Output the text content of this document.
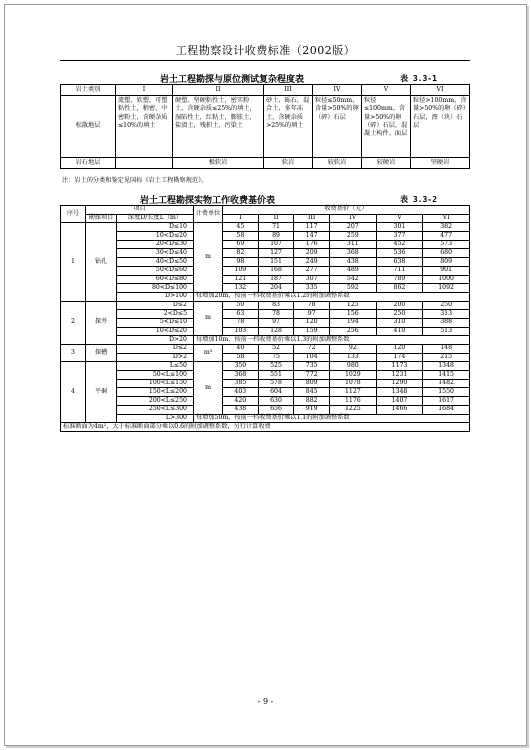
工程勘察设计收费标准（2002版）
岩土工程勘探与原位测试复杂程度表	表 3.3-1
岩土类别	I	II	III	IV	V	VI
松散地层	流塑、软塑、可塑粘性土，稍密、中密粉土，含硬杂质≤10%的填土	硬塑、坚硬粘性土，密实粉土，含硬杂质≤25%的填土，湿陷性土，红粘土，膨胀土，盐渍土，残积土，污染土	砂土，砾石，混合土，多年冻土，含硬杂质>25%的填土	粒径≤50mm、含量>50%的卵（碎）石层	粒径≤100mm、含量>50%的卵（碎）石层，混凝土构件、面层	粒径>100mm、含量>50%的卵（碎）石层，漂（块）石层
岩石地层		极软岩	软岩	较软岩	较硬岩	坚硬岩
注：岩土的分类和鉴定见国标《岩土工程勘察规范》。
岩土工程勘探实物工作收费基价表	表 3.3-2
序号	项目		计费单位	收费基价（元）					
	勘探项目	深度D/长度L（m）							
				I	II	III	IV	V	VI
1	钻孔	D≤10	m	45	71	117	207	301	382
		10<D≤20		58	89	147	259	377	477
		20<D≤30		69	107	176	311	452	573
		30<D≤40		82	127	209	368	536	680
		40<D≤50		98	151	249	438	638	809
		50<D≤60		109	168	277	489	711	901
		60<D≤80		121	187	307	542	789	1000
		80<D≤100		132	204	335	592	862	1092
		D>100	每增加20m，按前一档收费基价乘以1.2的附加调整系数						
2	探井	D≤2	m	50	83	78	125	200	250
		2<D≤5		63	78	97	156	250	313
		5<D≤10		78	97	120	194	310	388
		10<D≤20		103	128	159	256	410	513
		D>20	每增加10m，按前一档收费基价乘以1.3的附加调整系数						
3	探槽	D≤2	m³	40	52	72	92	120	148
		D>2		58	75	104	133	174	215
4	平硐	L≤50	m	350	525	735	980	1173	1348
		50<L≤100		368	551	772	1029	1231	1415
		100<L≤150		385	578	809	1078	1290	1482
		150<L≤200		403	604	845	1127	1348	1550
		200<L≤250		420	630	882	1176	1407	1617
		250<L≤300		438	656	919	1225	1466	1684
		L>300	每增加50m，按前一档收费基价乘以1.1的附加调整系数						
标准断面为4m²，大于标准断面部分乘以0.6的附加调整系数，另行计算收费									
- 9 -
